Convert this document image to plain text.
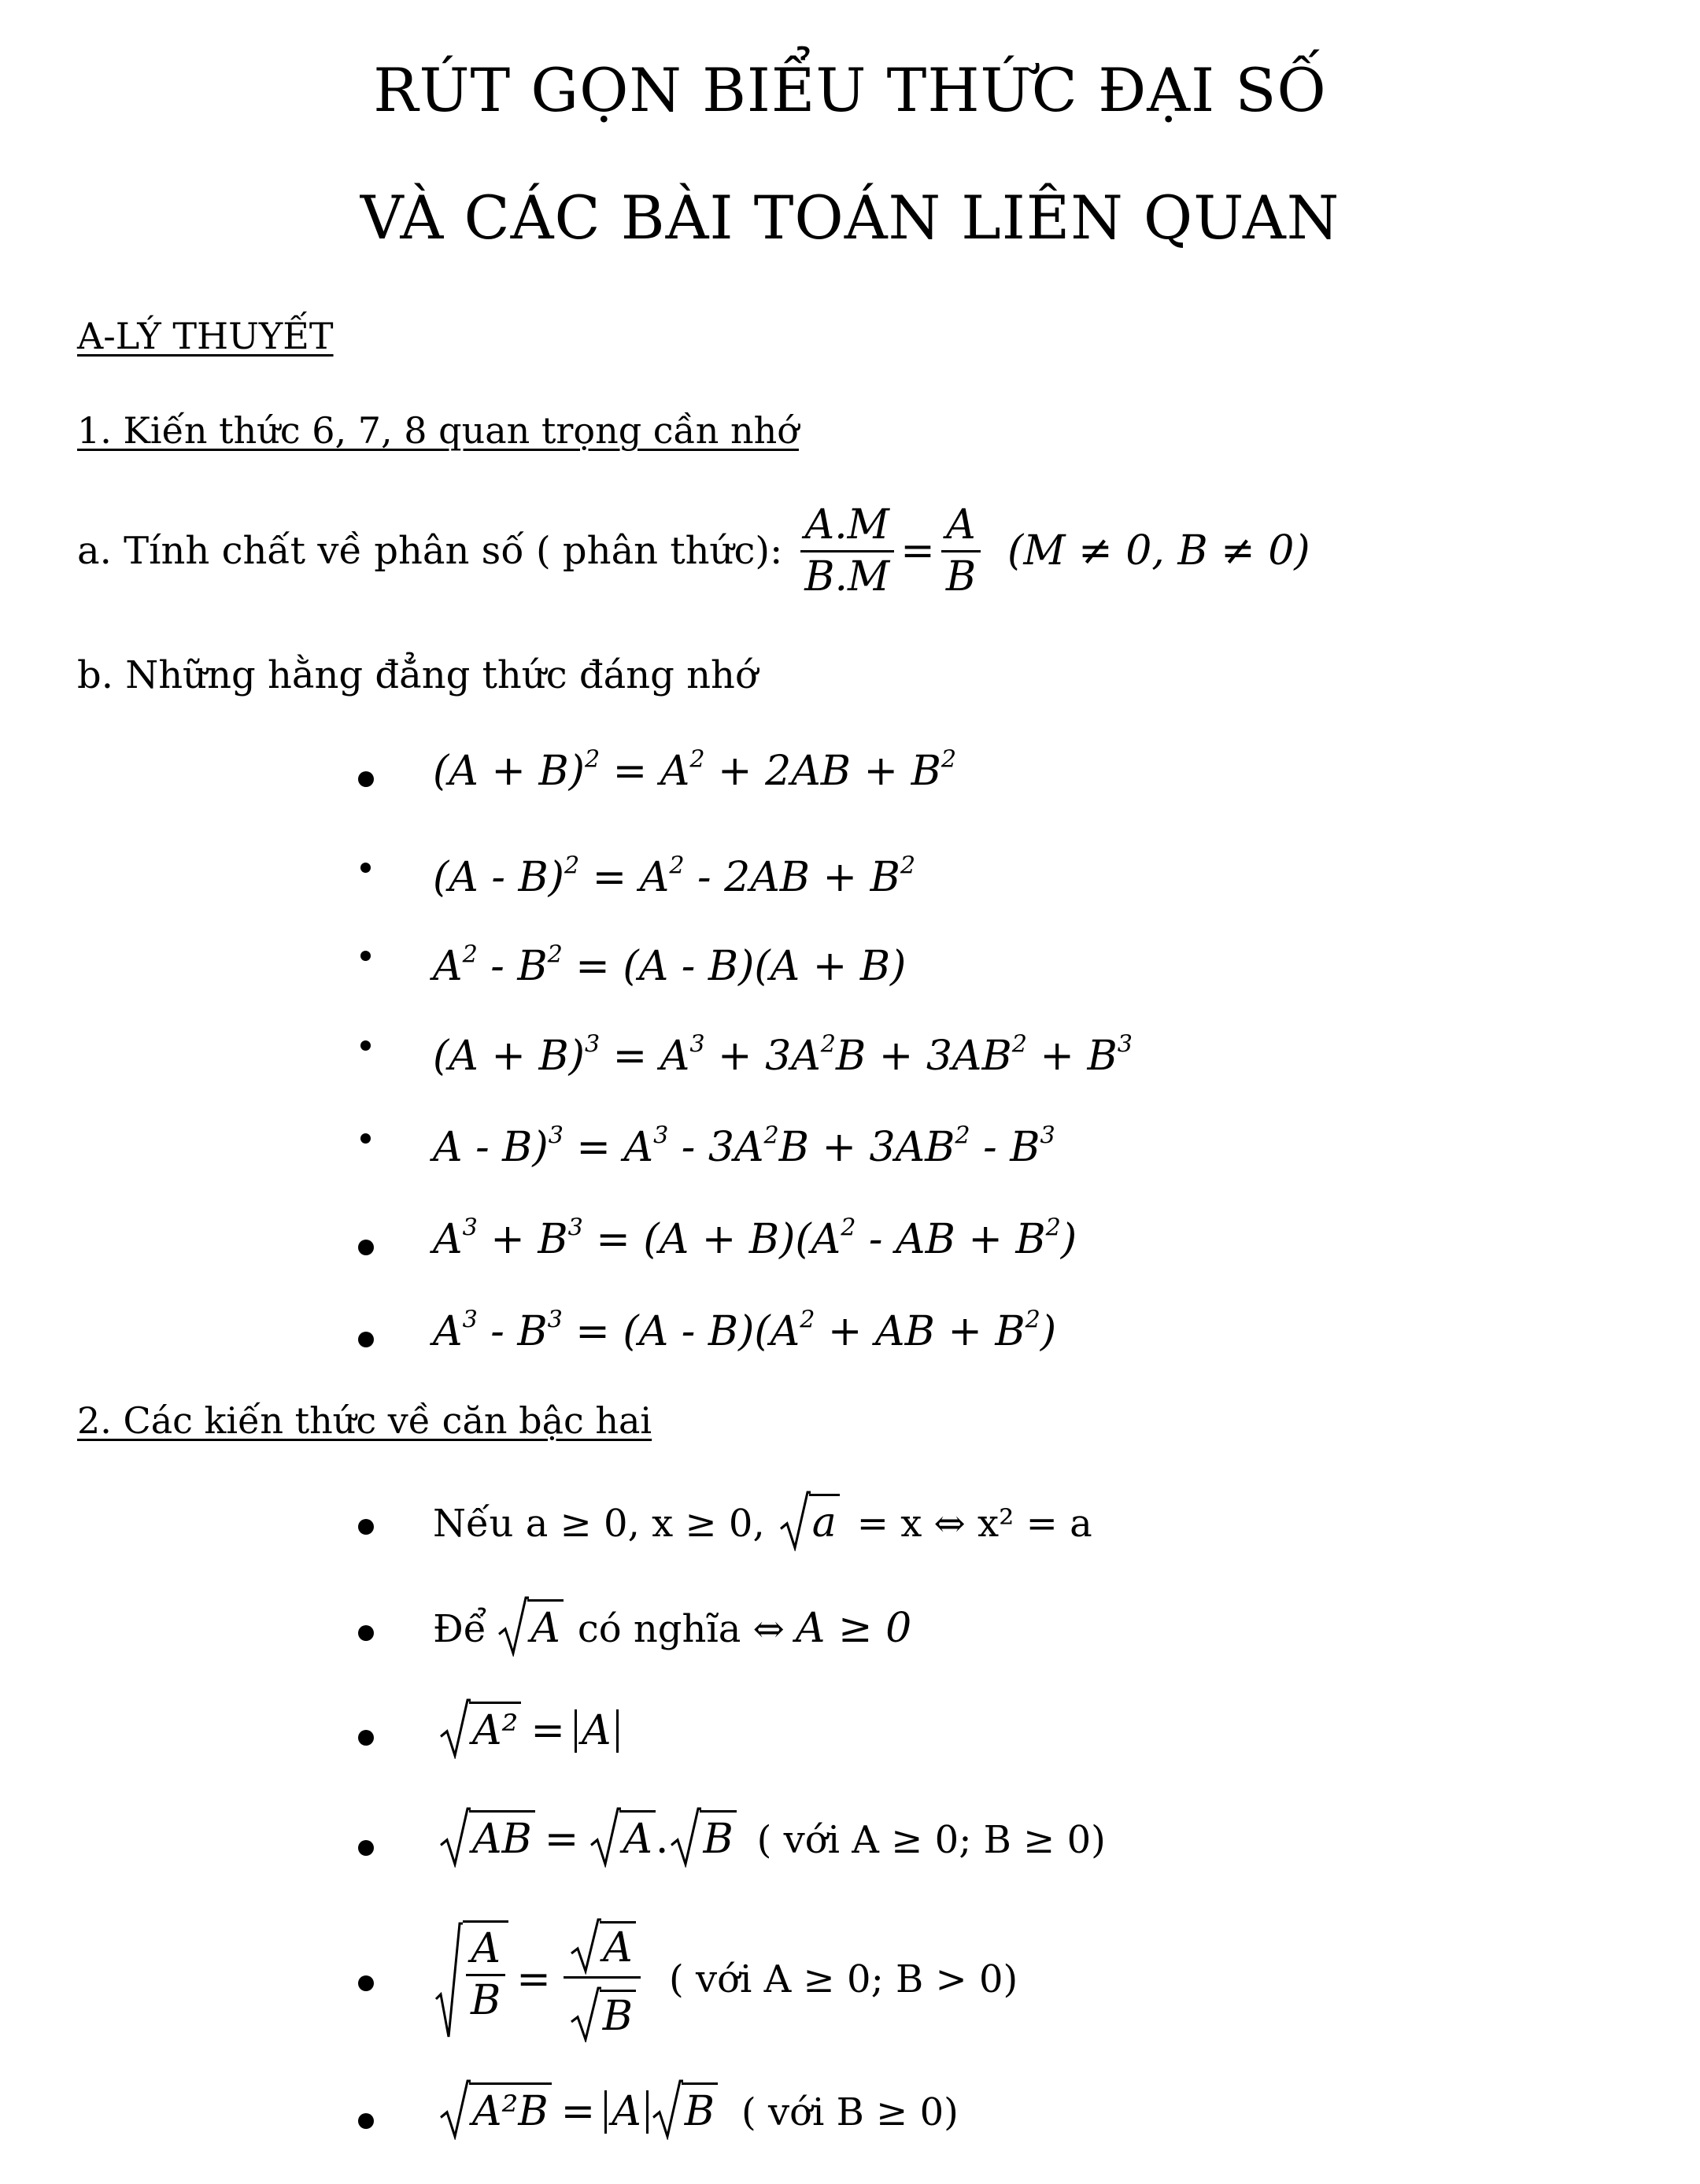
RÚT GỌN BIỂU THỨC ĐẠI SỐ
VÀ CÁC BÀI TOÁN LIÊN QUAN
A-LÝ THUYẾT
1. Kiến thức 6, 7, 8 quan trọng cần nhớ
a. Tính chất về phân số ( phân thức): $\frac{A.M}{B.M} = \frac{A}{B} (M \ne 0$, B ≠ 0)
b. Những hằng đẳng thức đáng nhớ
$(A + B)^2 = A^2 + 2AB + B^2$
$(A - B)^2 = A^2 - 2AB + B^2$
$A^2 - B^2 = (A - B)(A + B)$
$(A + B)^3 = A^3 + 3A^2B + 3AB^2 + B^3$
$A - B)^3 = A^3 - 3A^2B + 3AB^2 - B^3$
$A^3 + B^3 = (A + B)(A^2$ - AB + $B^2$)
$A^3 - B^3 = (A - B)(A^2$ + AB + $B^2$)
2. Các kiến thức về căn bậc hai
Nếu a ≥ 0, x ≥ 0,	a = x ⇔ x² = a
Để	A có nghĩa ⇔ A ≥ 0
A² = A
AB =	A . B ( với A ≥ 0; B ≥ 0)
$\frac{A}{B} = \frac{A}{B}$ ( với A ≥ 0; B > 0)
A²B = A	B ( với B ≥ 0)
